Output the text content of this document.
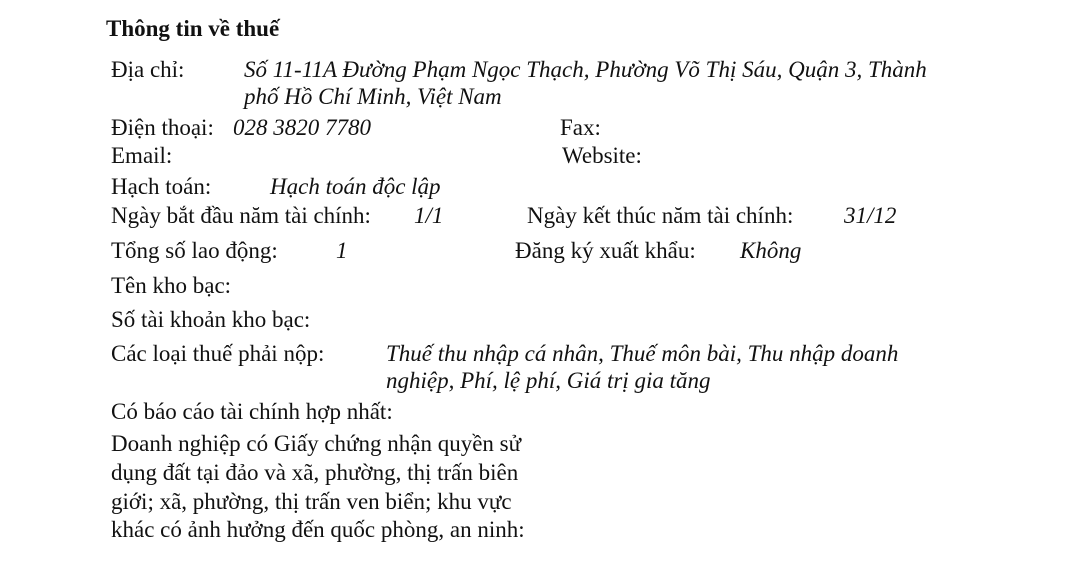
Thông tin về thuế
Địa chỉ:	Số 11-11A Đường Phạm Ngọc Thạch, Phường Võ Thị Sáu, Quận 3, Thành
phố Hồ Chí Minh, Việt Nam
Điện thoại: 028 3820 7780	Fax:
Email:	Website:
Hạch toán:	Hạch toán độc lập
Ngày bắt đầu năm tài chính: 1/1	Ngày kết thúc năm tài chính: 31/12
Tổng số lao động:	1	Đăng ký xuất khẩu: Không
Tên kho bạc:
Số tài khoản kho bạc:
Các loại thuế phải nộp:	Thuế thu nhập cá nhân, Thuế môn bài, Thu nhập doanh
nghiệp, Phí, lệ phí, Giá trị gia tăng
Có báo cáo tài chính hợp nhất:
Doanh nghiệp có Giấy chứng nhận quyền sử
dụng đất tại đảo và xã, phường, thị trấn biên
giới; xã, phường, thị trấn ven biển; khu vực
khác có ảnh hưởng đến quốc phòng, an ninh:
